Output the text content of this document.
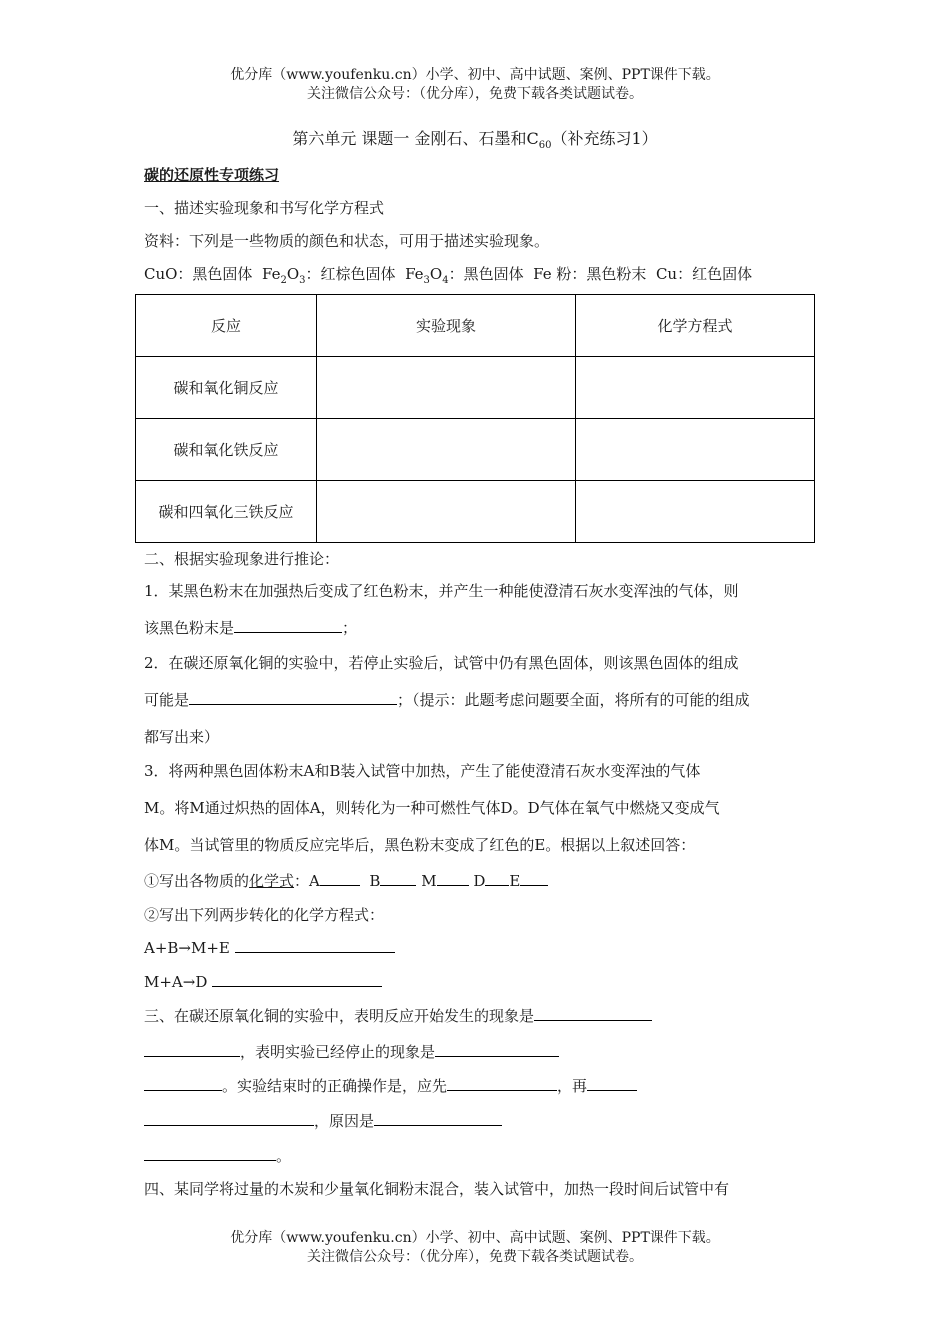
优分库（www.youfenku.cn）小学、初中、高中试题、案例、PPT课件下载。
关注微信公众号：（优分库），免费下载各类试题试卷。
第六单元 课题一 金刚石、石墨和$C_{60}$（补充练习1）
碳的还原性专项练习
一、描述实验现象和书写化学方程式
资料：下列是一些物质的颜色和状态，可用于描述实验现象。
CuO：黑色固体 $Fe_2O_3$：红棕色固体 $Fe_3O_4$：黑色固体 Fe 粉：黑色粉末 Cu：红色固体
反应	实验现象	化学方程式
碳和氧化铜反应		
碳和氧化铁反应		
碳和四氧化三铁反应		
二、根据实验现象进行推论：
1．某黑色粉末在加强热后变成了红色粉末，并产生一种能使澄清石灰水变浑浊的气体，则
该黑色粉末是	；
2．在碳还原氧化铜的实验中，若停止实验后，试管中仍有黑色固体，则该黑色固体的组成
可能是	；（提示：此题考虑问题要全面，将所有的可能的组成
都写出来）
3．将两种黑色固体粉末A和B装入试管中加热，产生了能使澄清石灰水变浑浊的气体
M。将M通过炽热的固体A，则转化为一种可燃性气体D。D气体在氧气中燃烧又变成气
体M。当试管里的物质反应完毕后，黑色粉末变成了红色的E。根据以上叙述回答：
①写出各物质的化学式：A	B	M D E
②写出下列两步转化的化学方程式：
A+B→M+E
M+A→D
三、在碳还原氧化铜的实验中，表明反应开始发生的现象是
，表明实验已经停止的现象是
。实验结束时的正确操作是，应先	，再
，原因是
。
四、某同学将过量的木炭和少量氧化铜粉末混合，装入试管中，加热一段时间后试管中有
优分库（www.youfenku.cn）小学、初中、高中试题、案例、PPT课件下载。
关注微信公众号：（优分库），免费下载各类试题试卷。
